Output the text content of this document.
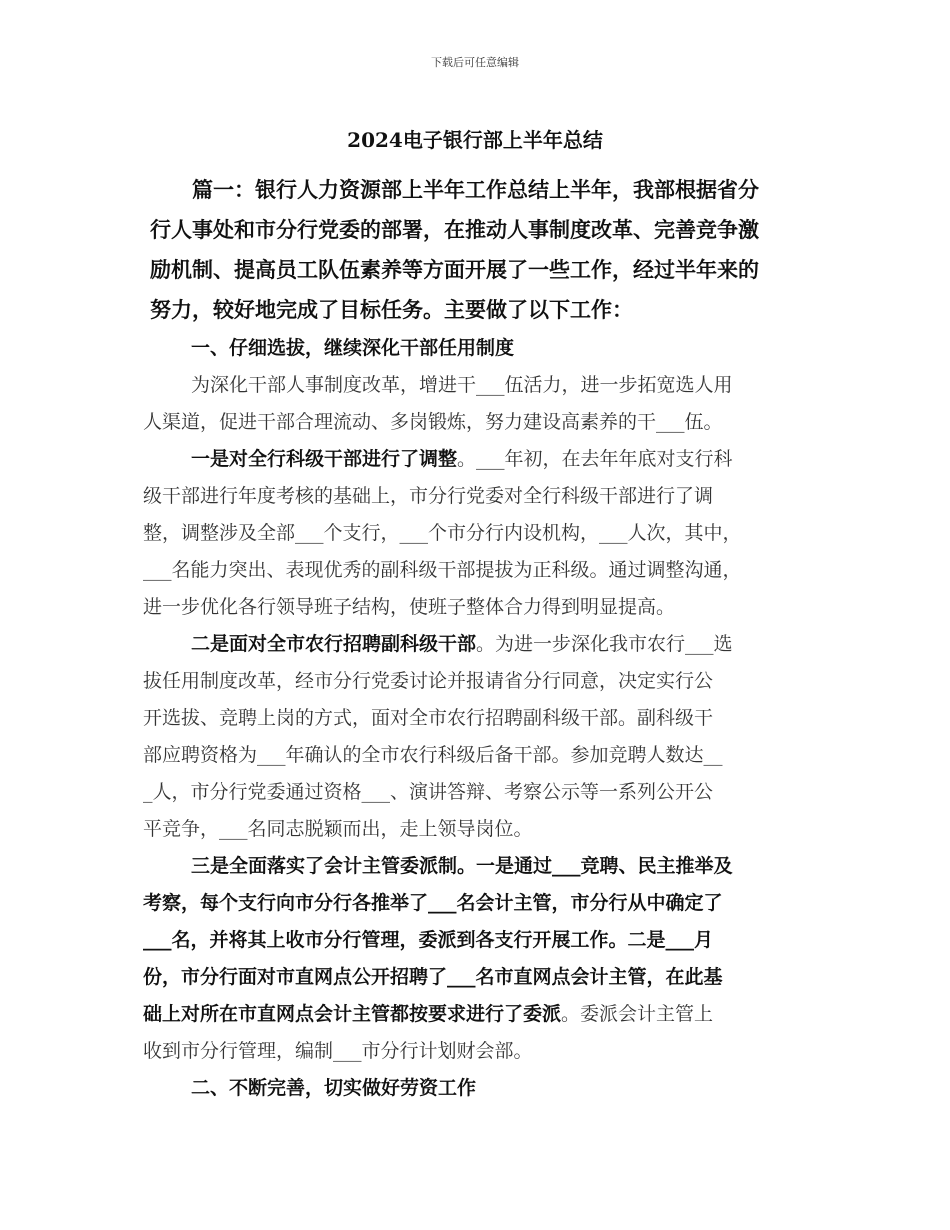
下载后可任意编辑
2024电子银行部上半年总结
篇一：银行人力资源部上半年工作总结上半年，我部根据省分
行人事处和市分行党委的部署，在推动人事制度改革、完善竞争激
励机制、提高员工队伍素养等方面开展了一些工作，经过半年来的
努力，较好地完成了目标任务。主要做了以下工作：

一、仔细选拔，继续深化干部任用制度

为深化干部人事制度改革，增进干___伍活力，进一步拓宽选人用
人渠道，促进干部合理流动、多岗锻炼，努力建设高素养的干___伍。

一是对全行科级干部进行了调整。___年初，在去年年底对支行科
级干部进行年度考核的基础上，市分行党委对全行科级干部进行了调
整，调整涉及全部___个支行，___个市分行内设机构，___人次，其中，
___名能力突出、表现优秀的副科级干部提拔为正科级。通过调整沟通，
进一步优化各行领导班子结构，使班子整体合力得到明显提高。

二是面对全市农行招聘副科级干部。为进一步深化我市农行___选
拔任用制度改革，经市分行党委讨论并报请省分行同意，决定实行公
开选拔、竞聘上岗的方式，面对全市农行招聘副科级干部。副科级干
部应聘资格为___年确认的全市农行科级后备干部。参加竞聘人数达__
_人，市分行党委通过资格___、演讲答辩、考察公示等一系列公开公
平竞争，___名同志脱颖而出，走上领导岗位。

三是全面落实了会计主管委派制。一是通过___竞聘、民主推举及
考察，每个支行向市分行各推举了___名会计主管，市分行从中确定了
___名，并将其上收市分行管理，委派到各支行开展工作。二是___月
份，市分行面对市直网点公开招聘了___名市直网点会计主管，在此基
础上对所在市直网点会计主管都按要求进行了委派。委派会计主管上
收到市分行管理，编制___市分行计划财会部。

二、不断完善，切实做好劳资工作
